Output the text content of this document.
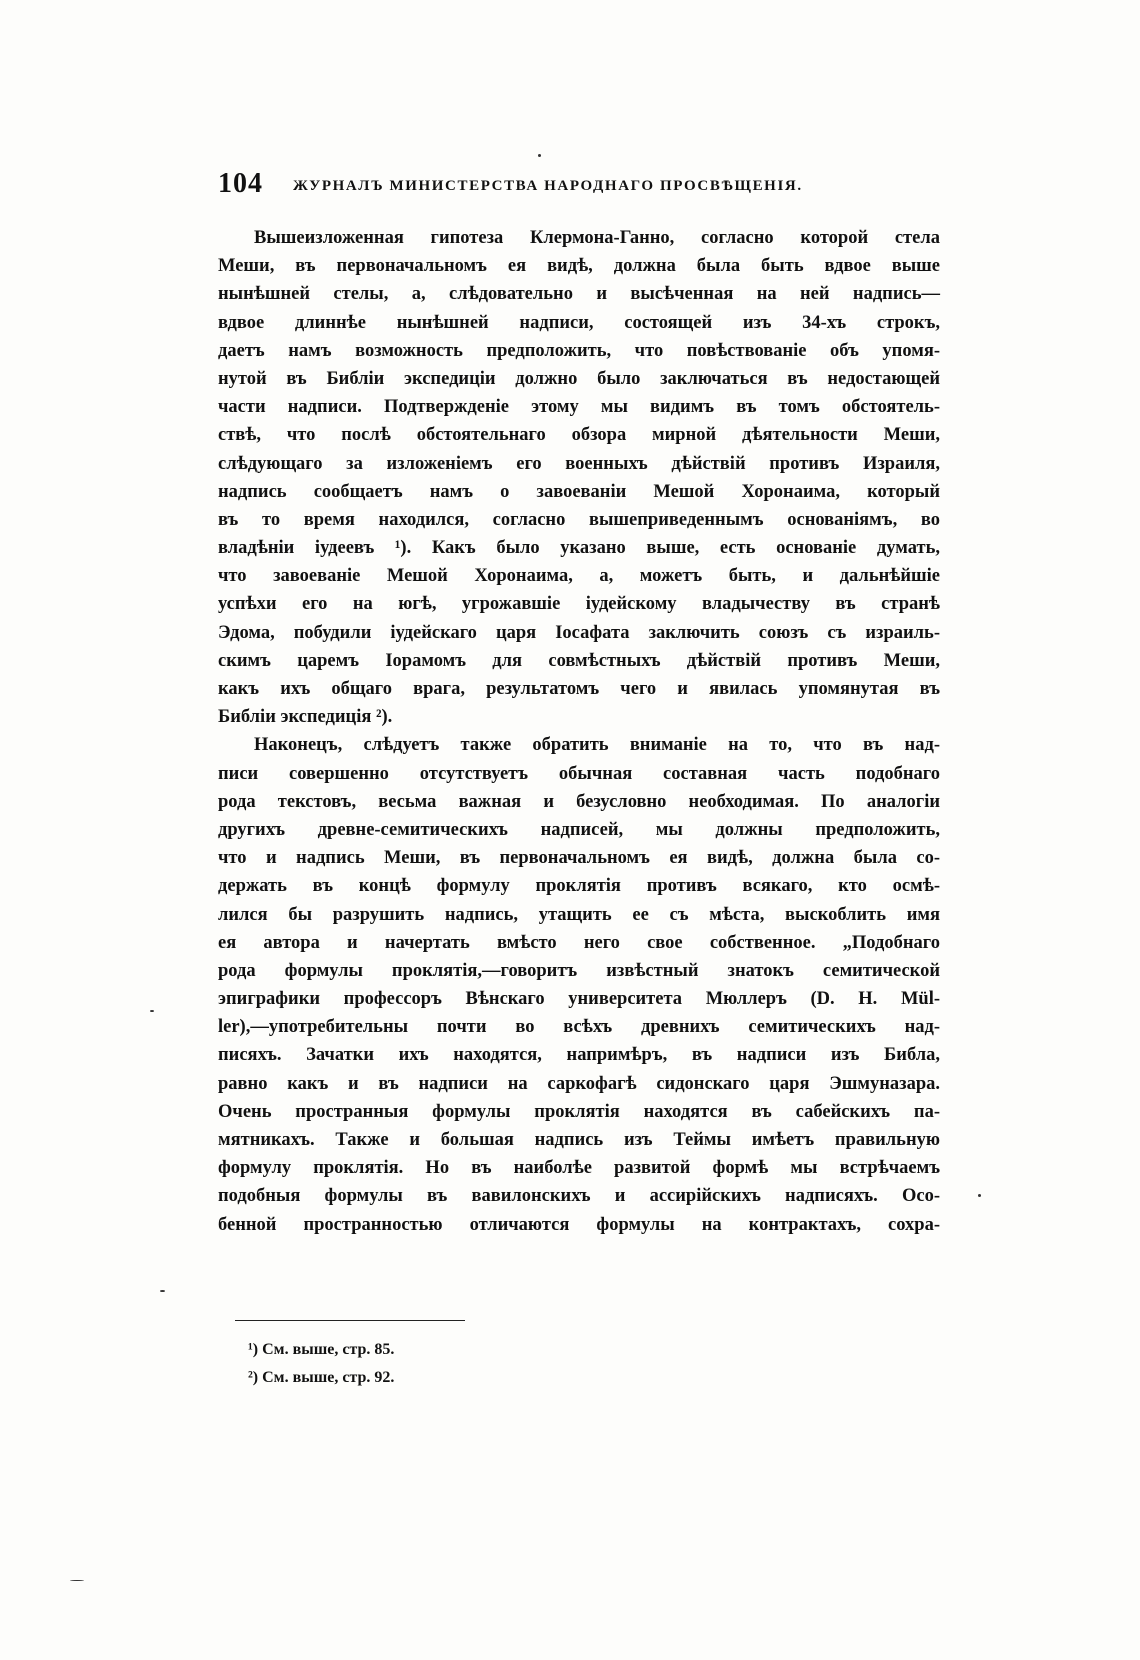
104 ЖУРНАЛЪ МИНИСТЕРСТВА НАРОДНАГО ПРОСВѢЩЕНІЯ.
Вышеизложенная гипотеза Клермона-Ганно, согласно которой стела
Меши, въ первоначальномъ ея видѣ, должна была быть вдвое выше
нынѣшней стелы, а, слѣдовательно и высѣченная на ней надпись—
вдвое длиннѣе нынѣшней надписи, состоящей изъ 34-хъ строкъ,
даетъ намъ возможность предположить, что повѣствованіе объ упомя-
нутой въ Библіи экспедиціи должно было заключаться въ недостающей
части надписи. Подтвержденіе этому мы видимъ въ томъ обстоятель-
ствѣ, что послѣ обстоятельнаго обзора мирной дѣятельности Меши,
слѣдующаго за изложеніемъ его военныхъ дѣйствій противъ Израиля,
надпись сообщаетъ намъ о завоеваніи Мешой Хоронаима, который
въ то время находился, согласно вышеприведеннымъ основаніямъ, во
владѣніи іудеевъ ¹). Какъ было указано выше, есть основаніе думать,
что завоеваніе Мешой Хоронаима, а, можетъ быть, и дальнѣйшіе
успѣхи его на югѣ, угрожавшіе іудейскому владычеству въ странѣ
Эдома, побудили іудейскаго царя Іосафата заключить союзъ съ израиль-
скимъ царемъ Іорамомъ для совмѣстныхъ дѣйствій противъ Меши,
какъ ихъ общаго врага, результатомъ чего и явилась упомянутая въ
Библіи экспедиція ²).
Наконецъ, слѣдуетъ также обратить вниманіе на то, что въ над-
писи совершенно отсутствуетъ обычная составная часть подобнаго
рода текстовъ, весьма важная и безусловно необходимая. По аналогіи
другихъ древне-семитическихъ надписей, мы должны предположить,
что и надпись Меши, въ первоначальномъ ея видѣ, должна была со-
держать въ концѣ формулу проклятія противъ всякаго, кто осмѣ-
лился бы разрушить надпись, утащить ее съ мѣста, выскоблить имя
ея автора и начертать вмѣсто него свое собственное. „Подобнаго
рода формулы проклятія,—говоритъ извѣстный знатокъ семитической
эпиграфики профессоръ Вѣнскаго университета Мюллеръ (D. H. Mül-
ler),—употребительны почти во всѣхъ древнихъ семитическихъ над-
писяхъ. Зачатки ихъ находятся, напримѣръ, въ надписи изъ Библа,
равно какъ и въ надписи на саркофагѣ сидонскаго царя Эшмуназара.
Очень пространныя формулы проклятія находятся въ сабейскихъ па-
мятникахъ. Также и большая надпись изъ Теймы имѣетъ правильную
формулу проклятія. Но въ наиболѣе развитой формѣ мы встрѣчаемъ
подобныя формулы въ вавилонскихъ и ассирійскихъ надписяхъ. Осо-
бенной пространностью отличаются формулы на контрактахъ, сохра-
¹) См. выше, стр. 85.
²) См. выше, стр. 92.
